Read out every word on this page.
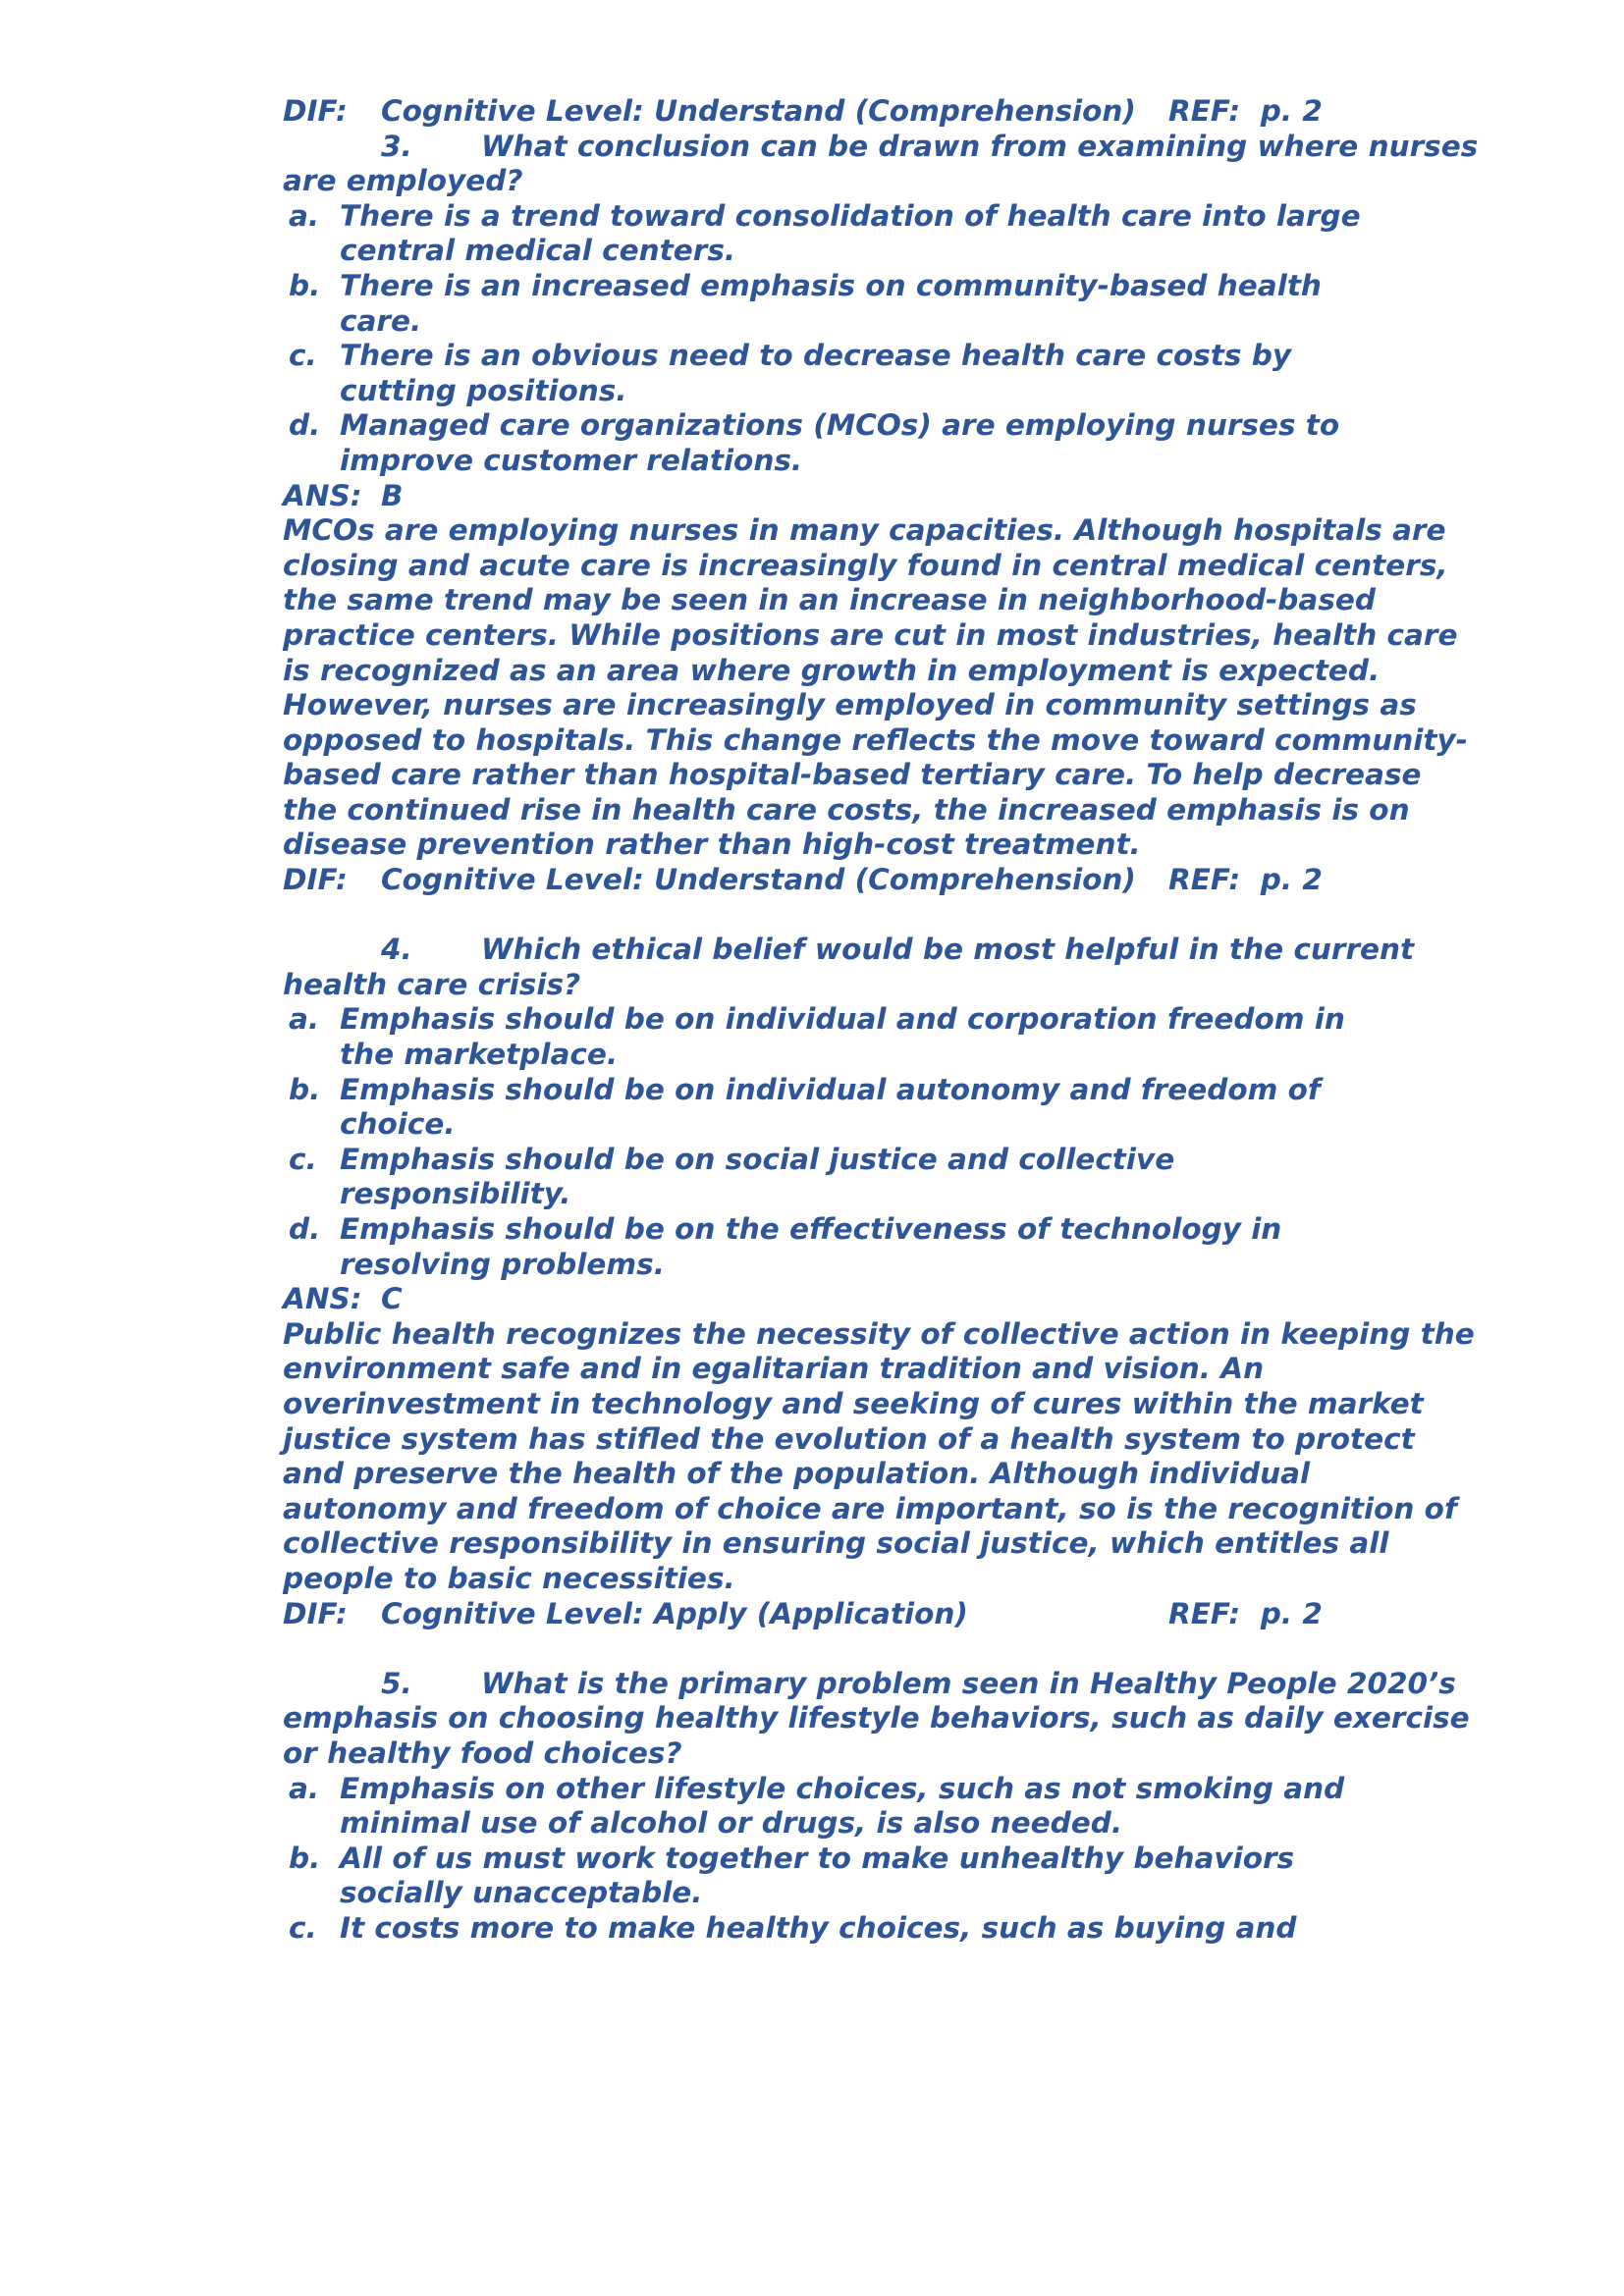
DIF: Cognitive Level: Understand (Comprehension) REF: p. 2
3. What conclusion can be drawn from examining where nurses
are employed?
a. There is a trend toward consolidation of health care into large
central medical centers.
b. There is an increased emphasis on community-based health
care.
c. There is an obvious need to decrease health care costs by
cutting positions.
d. Managed care organizations (MCOs) are employing nurses to
improve customer relations.
ANS: B
MCOs are employing nurses in many capacities. Although hospitals are
closing and acute care is increasingly found in central medical centers,
the same trend may be seen in an increase in neighborhood-based
practice centers. While positions are cut in most industries, health care
is recognized as an area where growth in employment is expected.
However, nurses are increasingly employed in community settings as
opposed to hospitals. This change reflects the move toward community-
based care rather than hospital-based tertiary care. To help decrease
the continued rise in health care costs, the increased emphasis is on
disease prevention rather than high-cost treatment.
DIF: Cognitive Level: Understand (Comprehension) REF: p. 2
4. Which ethical belief would be most helpful in the current
health care crisis?
a. Emphasis should be on individual and corporation freedom in
the marketplace.
b. Emphasis should be on individual autonomy and freedom of
choice.
c. Emphasis should be on social justice and collective
responsibility.
d. Emphasis should be on the effectiveness of technology in
resolving problems.
ANS: C
Public health recognizes the necessity of collective action in keeping the
environment safe and in egalitarian tradition and vision. An
overinvestment in technology and seeking of cures within the market
justice system has stifled the evolution of a health system to protect
and preserve the health of the population. Although individual
autonomy and freedom of choice are important, so is the recognition of
collective responsibility in ensuring social justice, which entitles all
people to basic necessities.
DIF: Cognitive Level: Apply (Application)	REF: p. 2
5. What is the primary problem seen in Healthy People 2020’s
emphasis on choosing healthy lifestyle behaviors, such as daily exercise
or healthy food choices?
a. Emphasis on other lifestyle choices, such as not smoking and
minimal use of alcohol or drugs, is also needed.
b. All of us must work together to make unhealthy behaviors
socially unacceptable.
c. It costs more to make healthy choices, such as buying and
